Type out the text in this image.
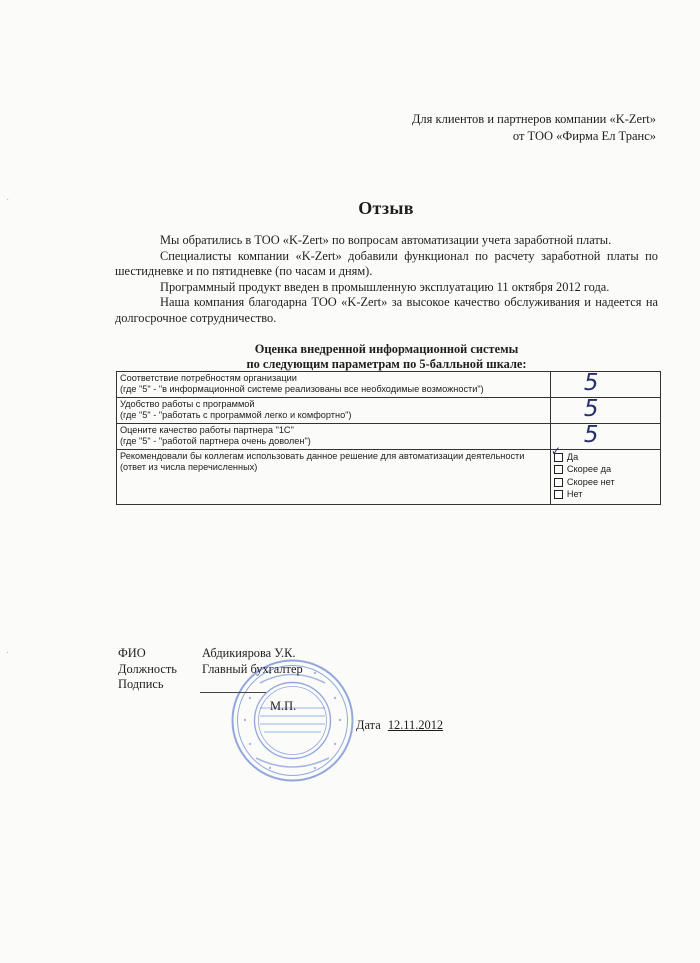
Для клиентов и партнеров компании «K-Zert»
от ТОО «Фирма Ел Транс»
Отзыв

Мы обратились в ТОО «K-Zert» по вопросам автоматизации учета заработной платы.

Специалисты компании «K-Zert» добавили функционал по расчету заработной платы по шестидневке и по пятидневке (по часам и дням).

Программный продукт введен в промышленную эксплуатацию 11 октября 2012 года.

Наша компания благодарна ТОО «K-Zert» за высокое качество обслуживания и надеется на долгосрочное сотрудничество.

Оценка внедренной информационной системы
по следующим параметрам по 5-балльной шкале:
Соответствие потребностям организации
(где "5" - "в информационной системе реализованы все необходимые возможности")	5

Удобство работы с программой
(где "5" - "работать с программой легко и комфортно")	5

Оцените качество работы партнера "1С"
(где "5" - "работой партнера очень доволен")	5

Рекомендовали бы коллегам использовать данное решение для автоматизации деятельности (ответ из числа перечисленных)	✓ Да
Скорее да
Скорее нет
Нет
ФИО	Абдикиярова У.К.
Должность	Главный бухгалтер
Подпись
М.П.
Дата 12.11.2012
·
·
